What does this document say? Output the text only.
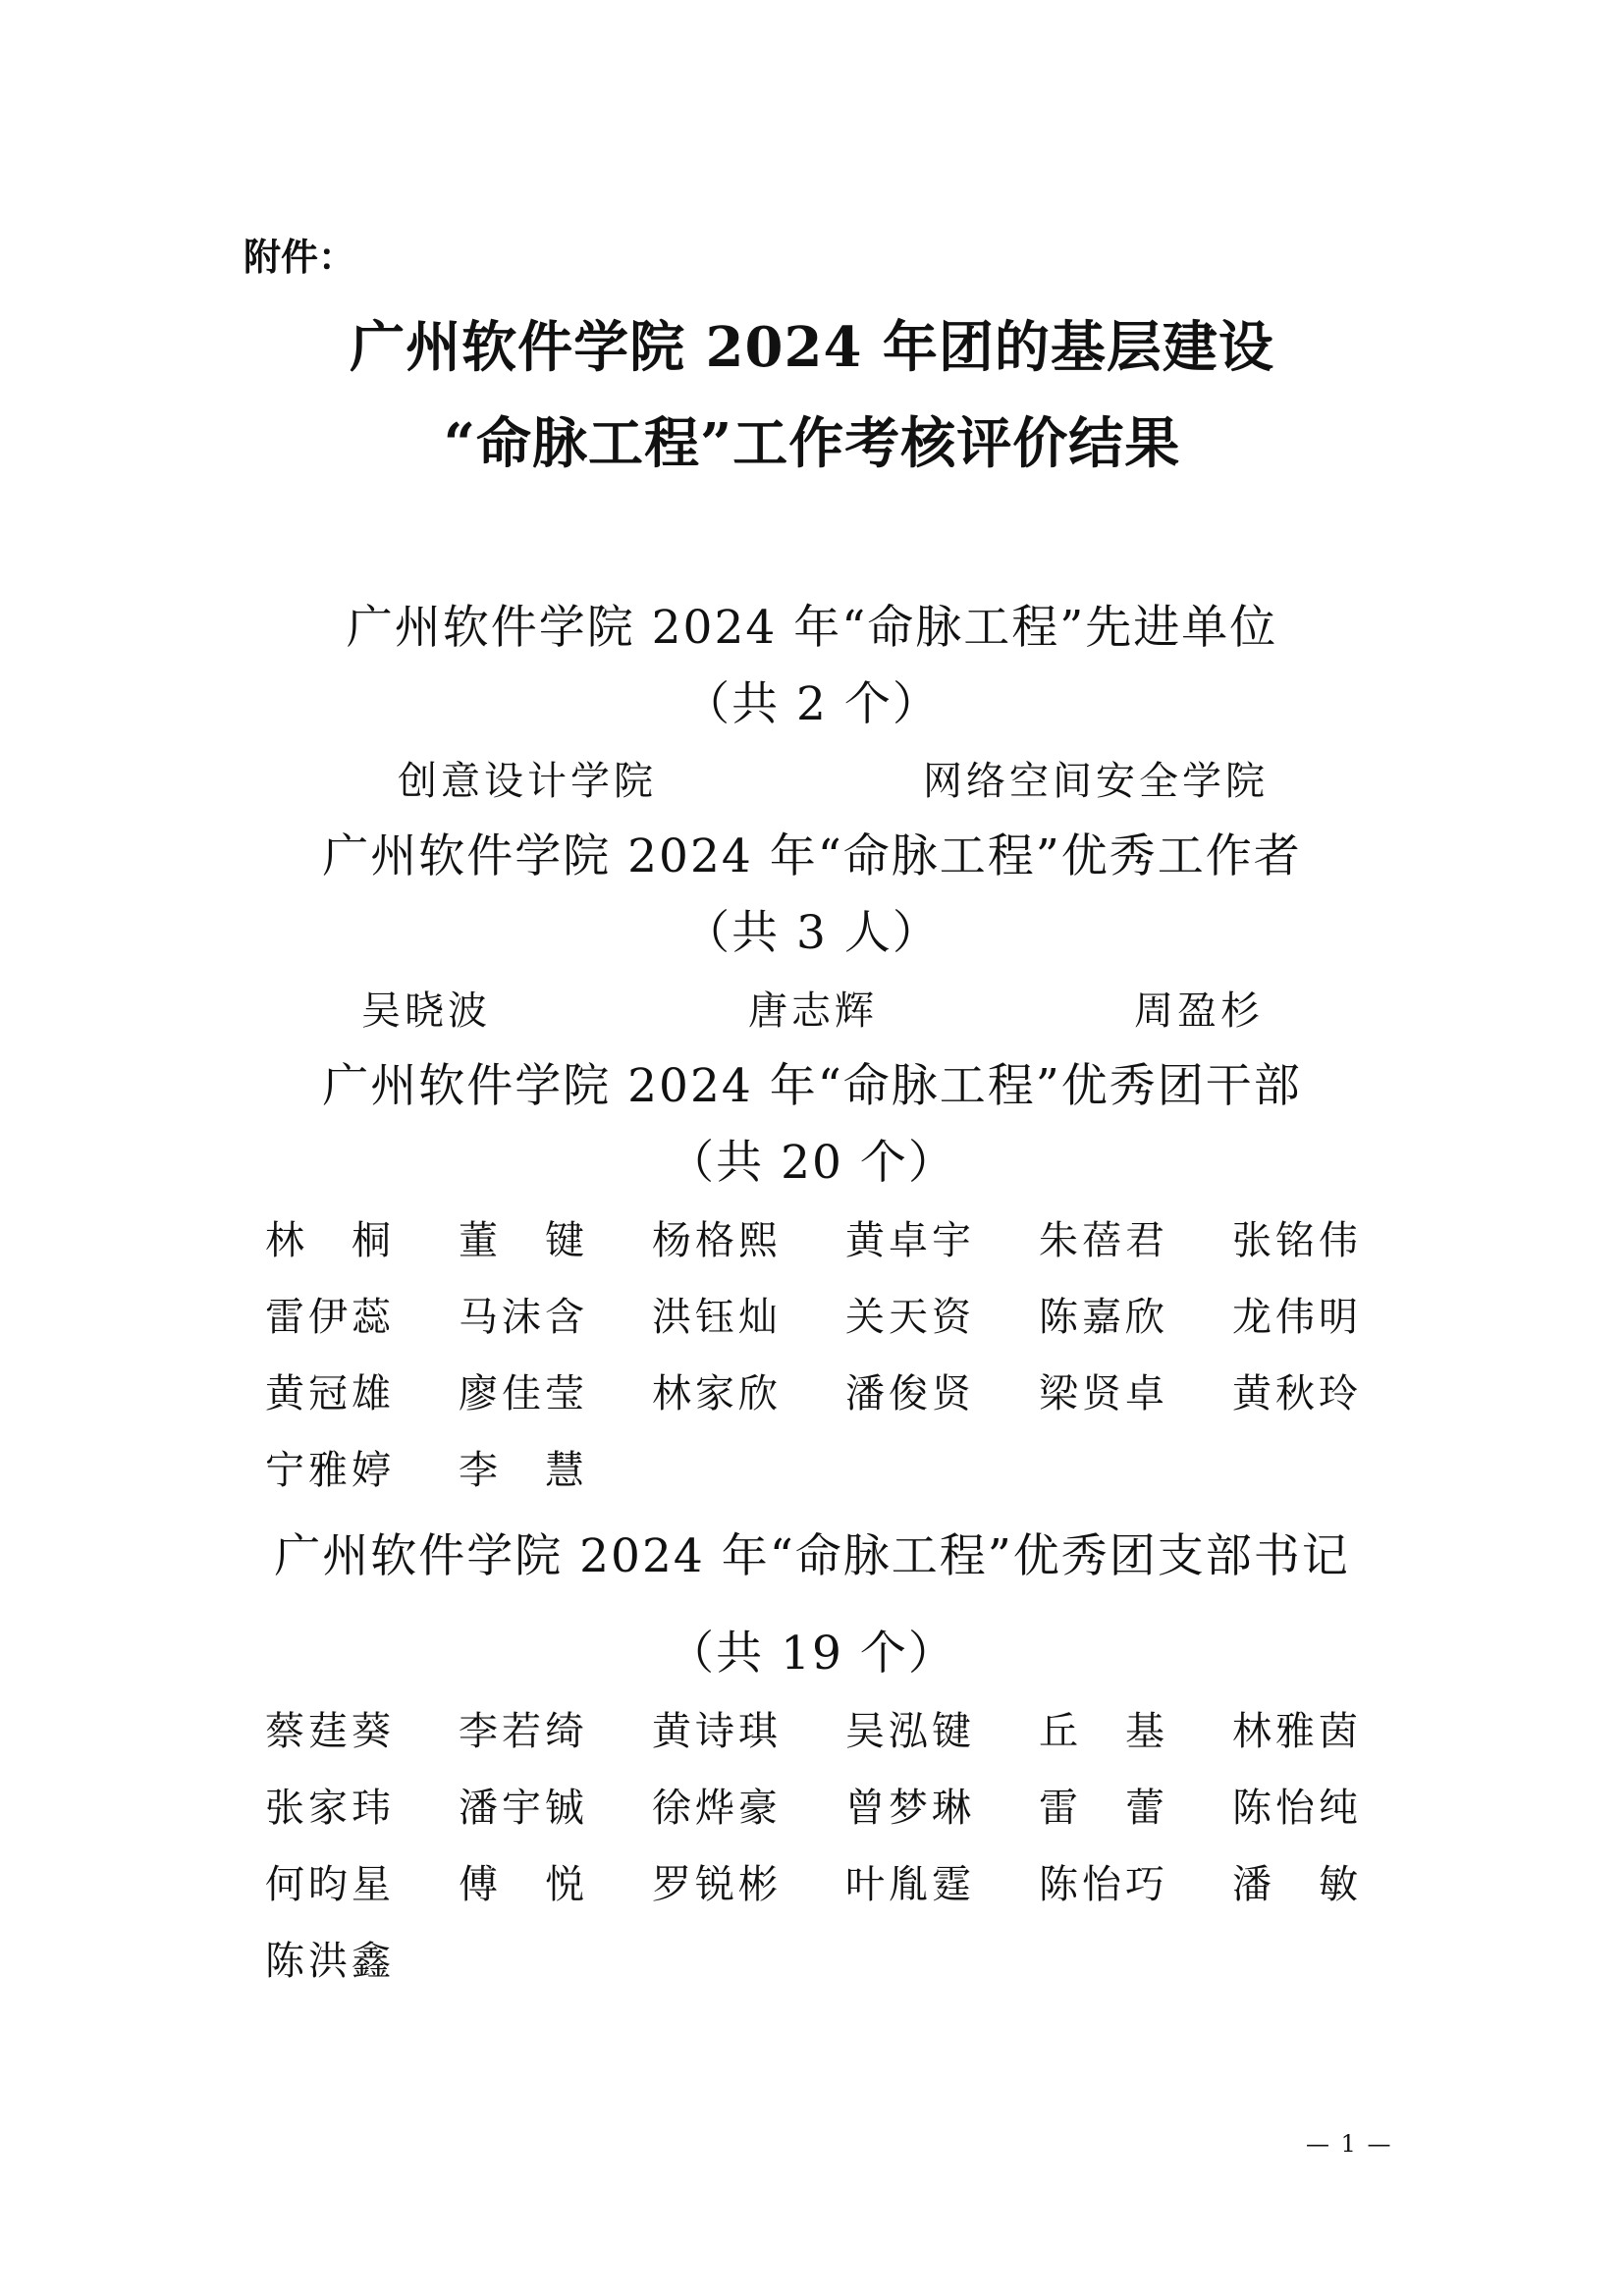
附件：
广州软件学院 2024 年团的基层建设
“命脉工程”工作考核评价结果
广州软件学院 2024 年“命脉工程”先进单位
（共 2 个）
创意设计学院	网络空间安全学院
广州软件学院 2024 年“命脉工程”优秀工作者
（共 3 人）
吴晓波	唐志辉	周盈杉
广州软件学院 2024 年“命脉工程”优秀团干部
（共 20 个）
林　桐 董　键 杨格熙 黄卓宇 朱蓓君 张铭伟
雷伊蕊 马沫含 洪钰灿 关天资 陈嘉欣 龙伟明
黄冠雄 廖佳莹 林家欣 潘俊贤 梁贤卓 黄秋玲
宁雅婷 李　慧
广州软件学院 2024 年“命脉工程”优秀团支部书记
（共 19 个）
蔡莛葵 李若绮 黄诗琪 吴泓键 丘　基 林雅茵
张家玮 潘宇铖 徐烨豪 曾梦琳 雷　蕾 陈怡纯
何昀星 傅　悦 罗锐彬 叶胤霆 陈怡巧 潘　敏
陈洪鑫
— 1 —
